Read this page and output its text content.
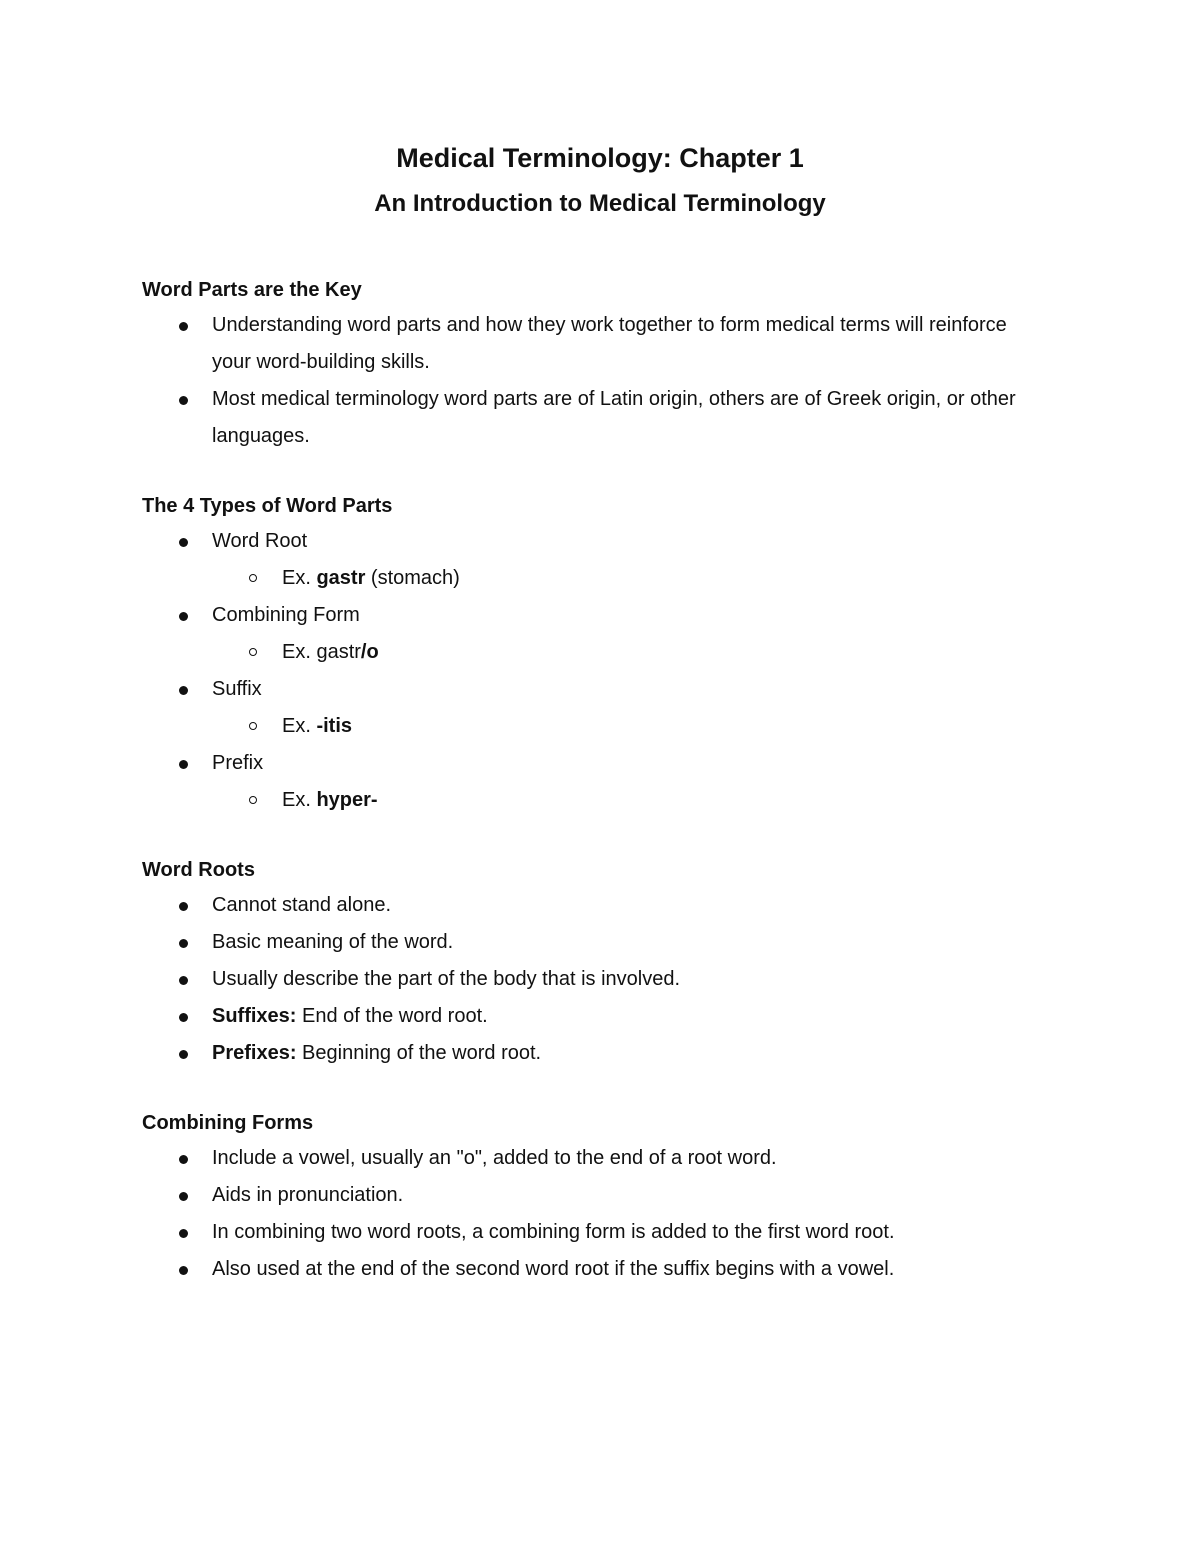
Medical Terminology: Chapter 1
An Introduction to Medical Terminology
Word Parts are the Key
Understanding word parts and how they work together to form medical terms will reinforce your word-building skills.
Most medical terminology word parts are of Latin origin, others are of Greek origin, or other languages.
The 4 Types of Word Parts
Word Root
Ex. gastr (stomach)
Combining Form
Ex. gastr/o
Suffix
Ex. -itis
Prefix
Ex. hyper-
Word Roots
Cannot stand alone.
Basic meaning of the word.
Usually describe the part of the body that is involved.
Suffixes: End of the word root.
Prefixes: Beginning of the word root.
Combining Forms
Include a vowel, usually an "o", added to the end of a root word.
Aids in pronunciation.
In combining two word roots, a combining form is added to the first word root.
Also used at the end of the second word root if the suffix begins with a vowel.
